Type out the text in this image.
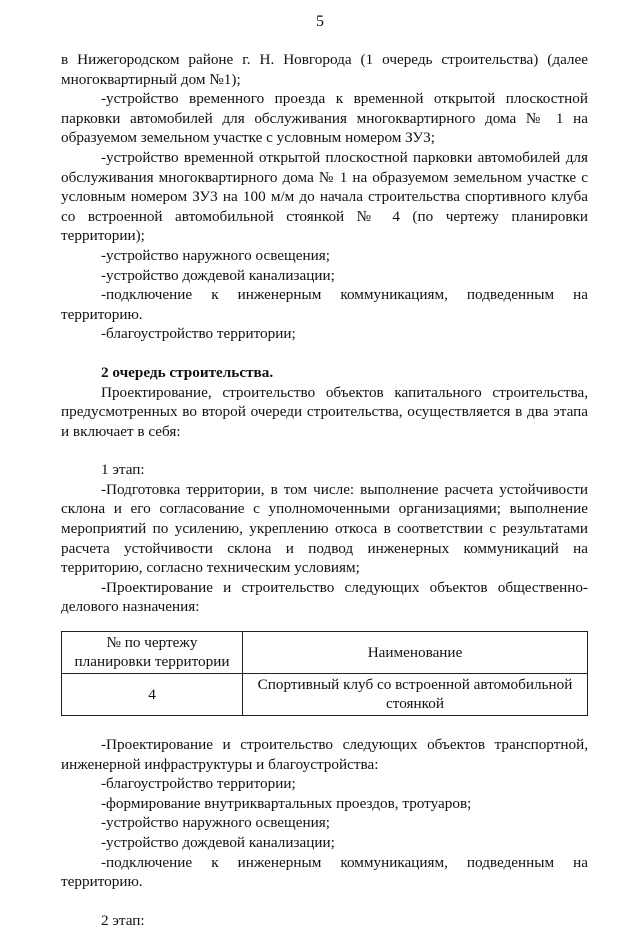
5

в Нижегородском районе г. Н. Новгорода (1 очередь строительства) (далее многоквартирный дом №1);

-устройство временного проезда к временной открытой плоскостной парковки автомобилей для обслуживания многоквартирного дома № 1 на образуемом земельном участке с условным номером ЗУ3;

-устройство временной открытой плоскостной парковки автомобилей для обслуживания многоквартирного дома № 1 на образуемом земельном участке с условным номером ЗУ3 на 100 м/м до начала строительства спортивного клуба со встроенной автомобильной стоянкой № 4 (по чертежу планировки территории);

-устройство наружного освещения;

-устройство дождевой канализации;

-подключение к инженерным коммуникациям, подведенным на территорию.

-благоустройство территории;

2 очередь строительства.

Проектирование, строительство объектов капитального строительства, предусмотренных во второй очереди строительства, осуществляется в два этапа и включает в себя:

1 этап:

-Подготовка территории, в том числе: выполнение расчета устойчивости склона и его согласование с уполномоченными организациями; выполнение мероприятий по усилению, укреплению откоса в соответствии с результатами расчета устойчивости склона и подвод инженерных коммуникаций на территорию, согласно техническим условиям;

-Проектирование и строительство следующих объектов общественно-делового назначения:

№ по чертежу планировки территории	Наименование
4	Спортивный клуб со встроенной автомобильной стоянкой

-Проектирование и строительство следующих объектов транспортной, инженерной инфраструктуры и благоустройства:

-благоустройство территории;

-формирование внутриквартальных проездов, тротуаров;

-устройство наружного освещения;

-устройство дождевой канализации;

-подключение к инженерным коммуникациям, подведенным на территорию.

2 этап:
